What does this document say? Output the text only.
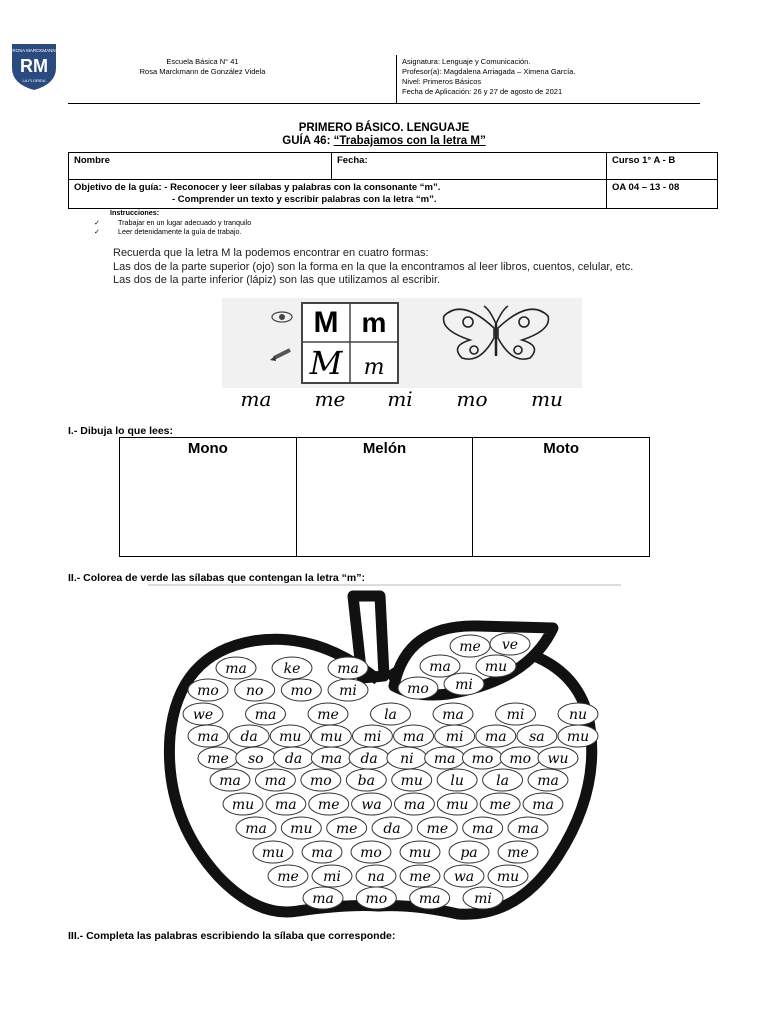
RM
ROSA MARCKMANN
LA FLORIDA
Escuela Básica N° 41
Rosa Marckmann de González Videla
Asignatura: Lenguaje y Comunicación.
Profesor(a): Magdalena Arriagada – Ximena García.
Nivel: Primeros Básicos
Fecha de Aplicación: 26 y 27 de agosto de 2021
PRIMERO BÁSICO. LENGUAJE
GUÍA 46: “Trabajamos con la letra M”
Nombre	Fecha:	Curso 1° A - B
Objetivo de la guía: - Reconocer y leer sílabas y palabras con la consonante “m”.
- Comprender un texto y escribir palabras con la letra “m”.		OA 04 – 13 - 08
Instrucciones:
✓ Trabajar en un lugar adecuado y tranquilo
✓ Leer detenidamente la guía de trabajo.
Recuerda que la letra M la podemos encontrar en cuatro formas:
Las dos de la parte superior (ojo) son la forma en la que la encontramos al leer libros, cuentos, celular, etc.
Las dos de la parte inferior (lápiz) son las que utilizamos al escribir.
M m
M m
ma me mi mo mu
I.- Dibuja lo que lees:
Mono	Melón	Moto
II.- Colorea de verde las sílabas que contengan la letra “m”:
me ve
ma mu
mo mi
ma	ke	ma
mo no mo mi
we	ma	me	la	ma	mi	nu
ma da mu mu mi ma mi ma sa mu
me so da ma da ni ma mo mo wu
ma ma mo ba mu lu la ma
mu ma me wa ma mu me ma
ma mu me da me ma ma
mu ma mo mu pa me
me mi na me wa mu
ma mo ma mi
III.- Completa las palabras escribiendo la sílaba que corresponde:
